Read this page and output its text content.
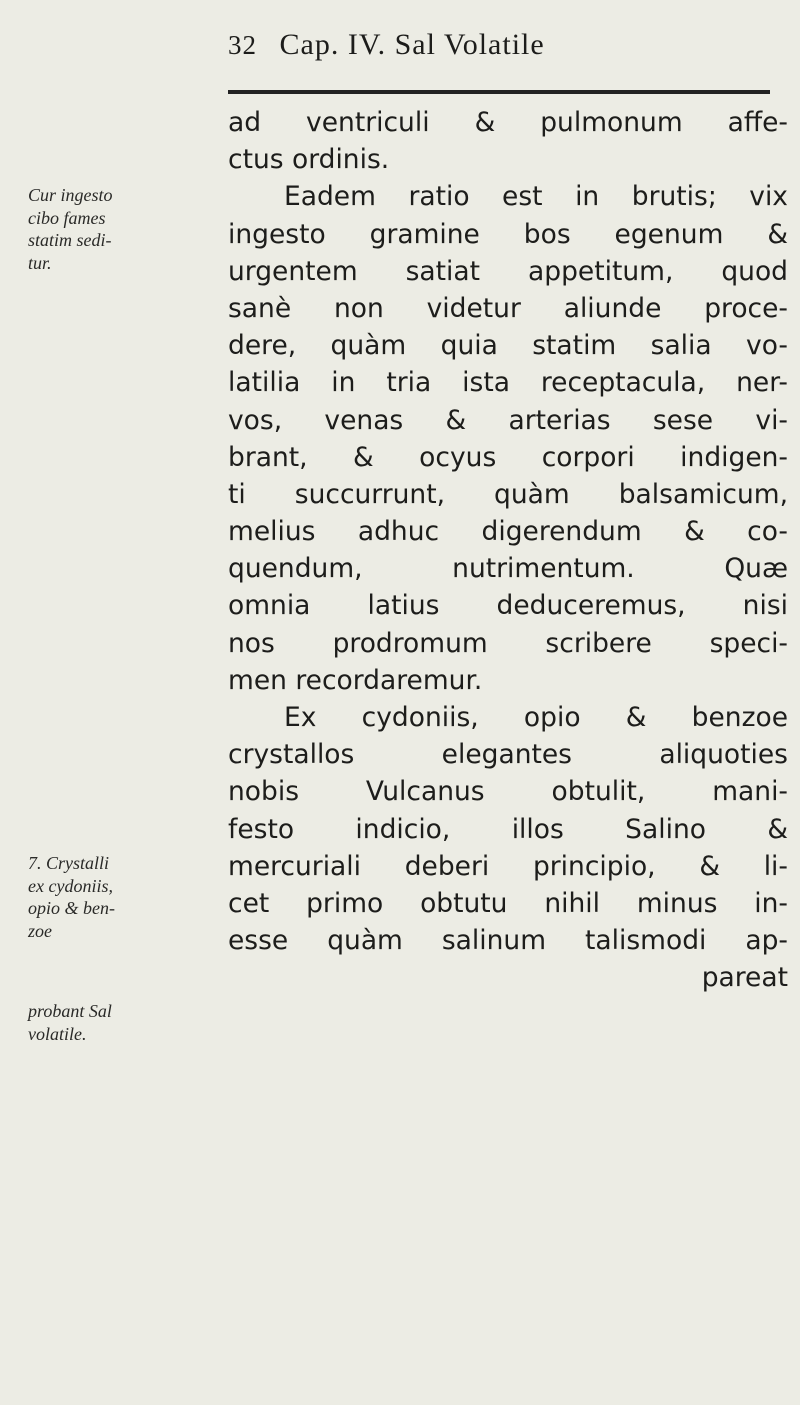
32 Cap. IV. Sal Volatile
Cur ingesto
cibo fames
statim sedi-
tur.
7. Crystalli
ex cydoniis,
opio & ben-
zoe
probant Sal
volatile.
ad ventriculi & pulmonum affe-
ctus ordinis.
Eadem ratio est in brutis; vix
ingesto gramine bos egenum &
urgentem satiat appetitum, quod
sanè non videtur aliunde proce-
dere, quàm quia statim salia vo-
latilia in tria ista receptacula, ner-
vos, venas & arterias sese vi-
brant, & ocyus corpori indigen-
ti succurrunt, quàm balsamicum,
melius adhuc digerendum & co-
quendum, nutrimentum. Quæ
omnia latius deduceremus, nisi
nos prodromum scribere speci-
men recordaremur.
Ex cydoniis, opio & benzoe
crystallos elegantes aliquoties
nobis Vulcanus obtulit, mani-
festo indicio, illos Salino &
mercuriali deberi principio, & li-
cet primo obtutu nihil minus in-
esse quàm salinum talismodi ap-
pareat
